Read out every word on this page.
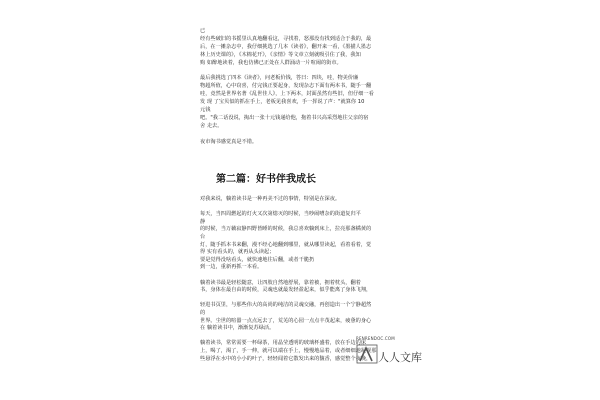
已
经有些破旧的书摇里认真地翻看这，寻找着，怒那没有找到适合于我的，最
后，在一摊杂志中，我仔细挑选了几本《读者》，翻开来一看，《墨描人墨志
林上历史课的》，《木棉花开》，《亲情》等文章立刻就吸引住了我，我知
购 如醉地读着，我也仿佛已正处在人群涌动一片喧闹的街市。
最后我挑选了四本《读者》，问老板价钱，答曰：四块，哇，物美价廉
物超所值，心中窃喜，付完钱正要起身，发现杂志下面有两本书，随手一翻
哇，竟然是世界名著《乱世佳人》，上下两本，封面虽然有些旧，但仔细一看
发 现 了宝贝似的抓在手上，老板见我喜欢，手一挥说了声："就算你 10
元钱
吧。"我二话没说，掏出一张十元钱递给他，拖着书兴高采烈地往父亲的宿
舍 走去。
夜市淘书感觉真是不错。
第二篇：好书伴我成长
对我来说，躺着读书是一种再美不过的事情，特别是在深夜。
每天，当四周燃起的灯火又次第熄灭的时候，当吵闹嘈杂的街道复归平
静
的时候，当万籁寂静四野皆睡的时候，我总喜欢躺到床上，拉亮那盏橘黄的
台
灯，随手抓本书来翻，漫不经心地翻到哪里，就从哪里读起，看着看着，觉
得 实有看头的，就再从头读起；
要是觉得没啥看头，就快速地往后翻，或者干脆扔
到一边，重新再抓一本看。
躺着读书最是轻松随意，让四肢自然地舒展，靠着被，拥着枕头，翻着
书，身体在最自由的时候，灵魂也就最发轻盈起来，似乎能离了身体飞翔，
轻进书页里，与那些伟大的高尚的纯洁的灵魂交融，再创造出一个宁静超然
的
世界。尘世的喧嚣一点点远去了，荒芜的心园一点点丰茂起来，疲惫的身心
在 躺着读书中，渐渐复苏绿活。
躺着读书，常常需要一杯绿茶，用晶莹透明的玻璃杯盛着，放在手边的床
上，喝了，渴了，手一伸，就可以端在手上，慢慢地品着，或者细细地凝视那
些悬浮在水中的小小的叶子，轻轻闻着它散发出来的馥香，感觉整个夜晚，
RENRENDOC.COM
人人文库
